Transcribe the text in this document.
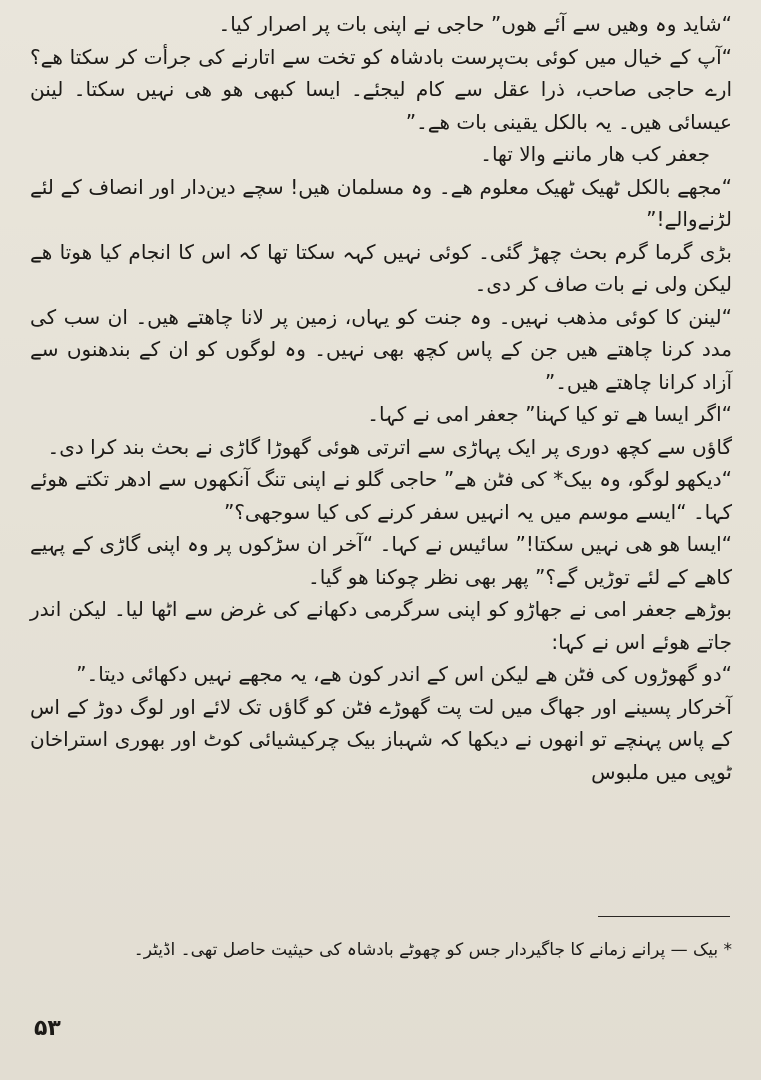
“شاید وہ وھیں سے آئے ھوں” حاجی نے اپنی بات پر اصرار کیا۔

“آپ کے خیال میں کوئی بت‌پرست بادشاہ کو تخت سے اتارنے کی جرأت کر سکتا ھے؟ ارے حاجی صاحب، ذرا عقل سے کام لیجئے۔ ایسا کبھی ھو ھی نہیں سکتا۔ لینن عیسائی ھیں۔ یہ بالکل یقینی بات ھے۔”

جعفر کب ھار ماننے والا تھا۔

“مجھے بالکل ٹھیک ٹھیک معلوم ھے۔ وہ مسلمان ھیں! سچے دین‌دار اور انصاف کے لئے لڑنےوالے!”

بڑی گرما گرم بحث چھڑ گئی۔ کوئی نہیں کہہ سکتا تھا کہ اس کا انجام کیا ھوتا ھے لیکن ولی نے بات صاف کر دی۔

“لینن کا کوئی مذھب نہیں۔ وہ جنت کو یہاں، زمین پر لانا چاھتے ھیں۔ ان سب کی مدد کرنا چاھتے ھیں جن کے پاس کچھ بھی نہیں۔ وہ لوگوں کو ان کے بندھنوں سے آزاد کرانا چاھتے ھیں۔”

“اگر ایسا ھے تو کیا کہنا” جعفر امی نے کہا۔

گاؤں سے کچھ دوری پر ایک پہاڑی سے اترتی ھوئی گھوڑا گاڑی نے بحث بند کرا دی۔

“دیکھو لوگو، وہ بیک* کی فٹن ھے” حاجی گلو نے اپنی تنگ آنکھوں سے ادھر تکتے ھوئے کہا۔ “ایسے موسم میں یہ انہیں سفر کرنے کی کیا سوجھی؟”

“ایسا ھو ھی نہیں سکتا!” سائیس نے کہا۔ “آخر ان سڑکوں پر وہ اپنی گاڑی کے پہیے کاھے کے لئے توڑیں گے؟” پھر بھی نظر چوکنا ھو گیا۔

بوڑھے جعفر امی نے جھاڑو کو اپنی سرگرمی دکھانے کی غرض سے اٹھا لیا۔ لیکن اندر جاتے ھوئے اس نے کہا:

“دو گھوڑوں کی فٹن ھے لیکن اس کے اندر کون ھے، یہ مجھے نہیں دکھائی دیتا۔”

آخرکار پسینے اور جھاگ میں لت پت گھوڑے فٹن کو گاؤں تک لائے اور لوگ دوڑ کے اس کے پاس پہنچے تو انھوں نے دیکھا کہ شہباز بیک چرکیشیائی کوٹ اور بھوری استراخان ٹوپی میں ملبوس

* بیک — پرانے زمانے کا جاگیردار جس کو چھوٹے بادشاہ کی حیثیت حاصل تھی۔ اڈیٹر۔

۵۳
